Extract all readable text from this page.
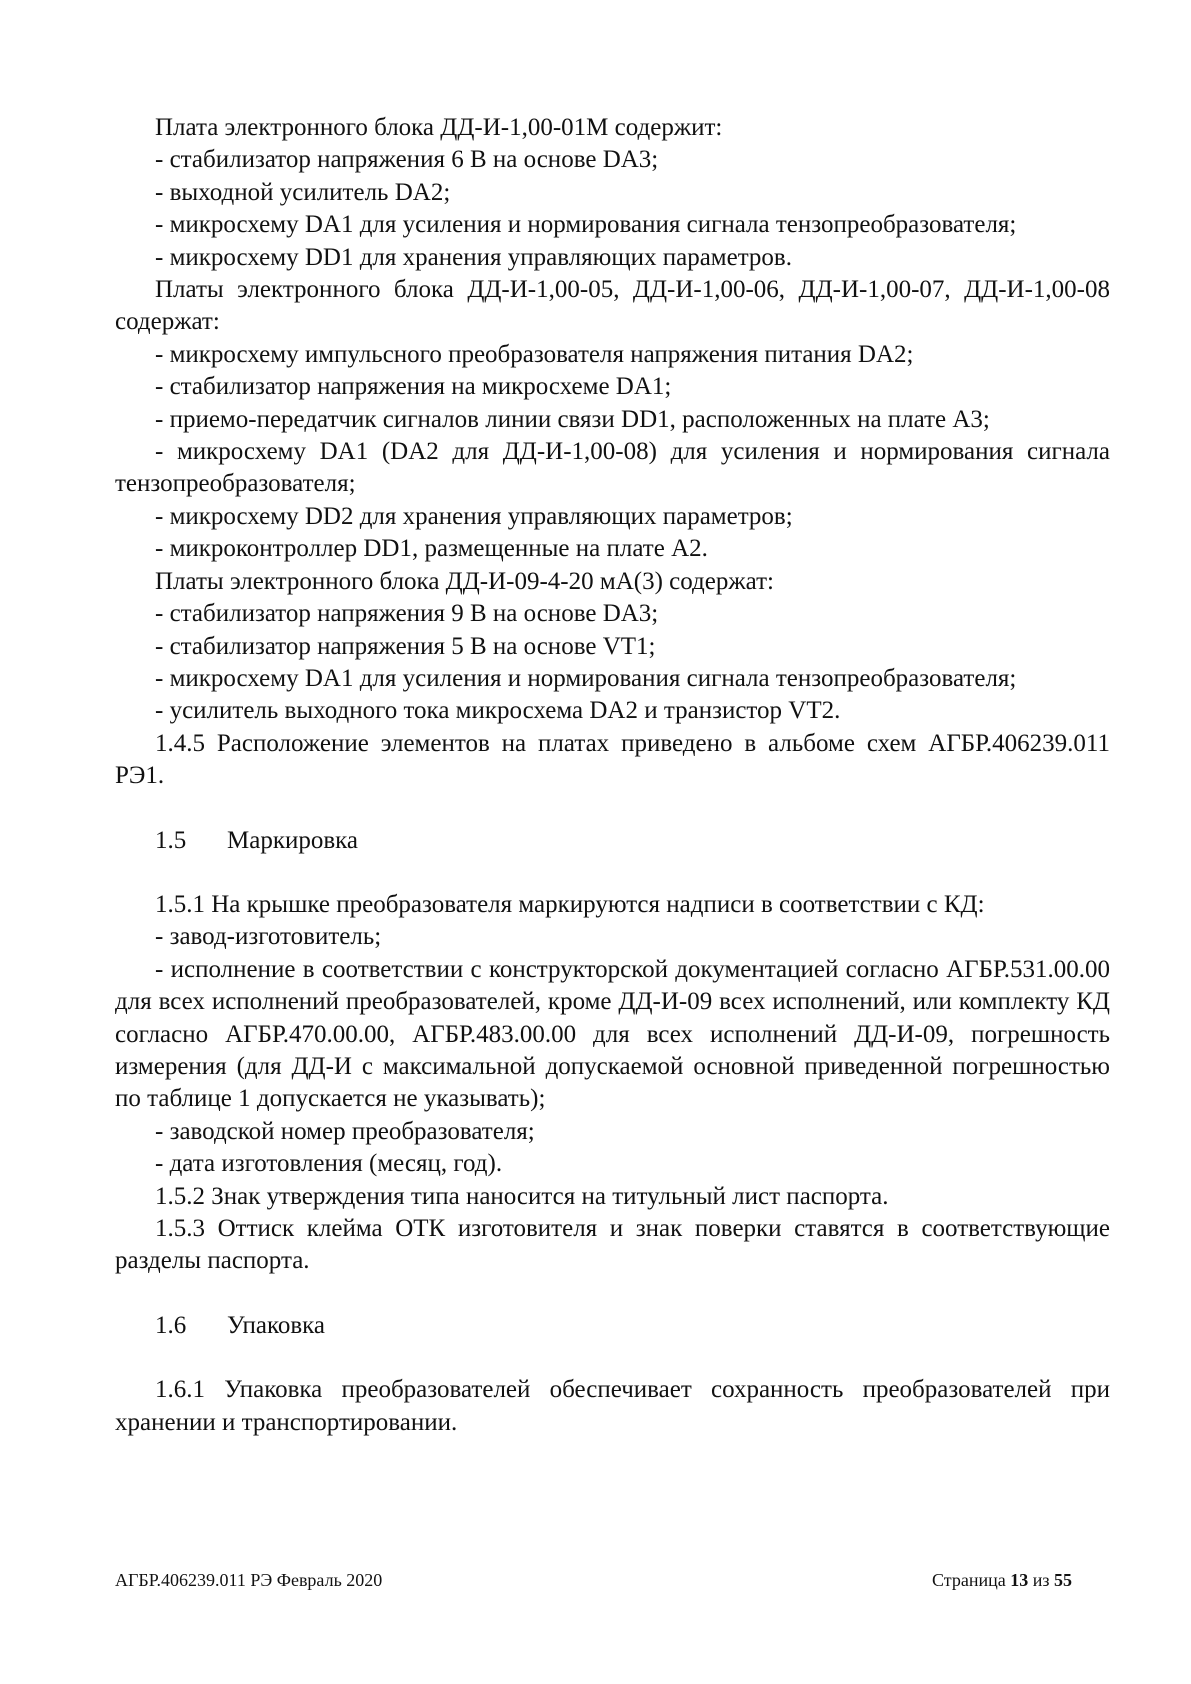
Плата электронного блока ДД-И-1,00-01М содержит:

- стабилизатор напряжения 6 В на основе DA3;

- выходной усилитель DA2;

- микросхему DA1 для усиления и нормирования сигнала тензопреобразователя;

- микросхему DD1 для хранения управляющих параметров.

Платы электронного блока ДД-И-1,00-05, ДД-И-1,00-06, ДД-И-1,00-07, ДД-И-1,00-08 содержат:

- микросхему импульсного преобразователя напряжения питания DA2;

- стабилизатор напряжения на микросхеме DA1;

- приемо-передатчик сигналов линии связи DD1, расположенных на плате А3;

- микросхему DA1 (DA2 для ДД-И-1,00-08) для усиления и нормирования сигнала тензопреобразователя;

- микросхему DD2 для хранения управляющих параметров;

- микроконтроллер DD1, размещенные на плате А2.

Платы электронного блока ДД-И-09-4-20 мА(3) содержат:

- стабилизатор напряжения 9 В на основе DA3;

- стабилизатор напряжения 5 В на основе VT1;

- микросхему DA1 для усиления и нормирования сигнала тензопреобразователя;

- усилитель выходного тока микросхема DA2 и транзистор VT2.

1.4.5 Расположение элементов на платах приведено в альбоме схем АГБР.406239.011 РЭ1.

1.5 Маркировка

1.5.1 На крышке преобразователя маркируются надписи в соответствии с КД:

- завод-изготовитель;

- исполнение в соответствии с конструкторской документацией согласно АГБР.531.00.00 для всех исполнений преобразователей, кроме ДД-И-09 всех исполнений, или комплекту КД согласно АГБР.470.00.00, АГБР.483.00.00 для всех исполнений ДД-И-09, погрешность измерения (для ДД-И с максимальной допускаемой основной приведенной погрешностью по таблице 1 допускается не указывать);

- заводской номер преобразователя;

- дата изготовления (месяц, год).

1.5.2 Знак утверждения типа наносится на титульный лист паспорта.

1.5.3 Оттиск клейма ОТК изготовителя и знак поверки ставятся в соответствующие разделы паспорта.

1.6 Упаковка

1.6.1 Упаковка преобразователей обеспечивает сохранность преобразователей при хранении и транспортировании.

АГБР.406239.011 РЭ Февраль 2020	Страница 13 из 55
